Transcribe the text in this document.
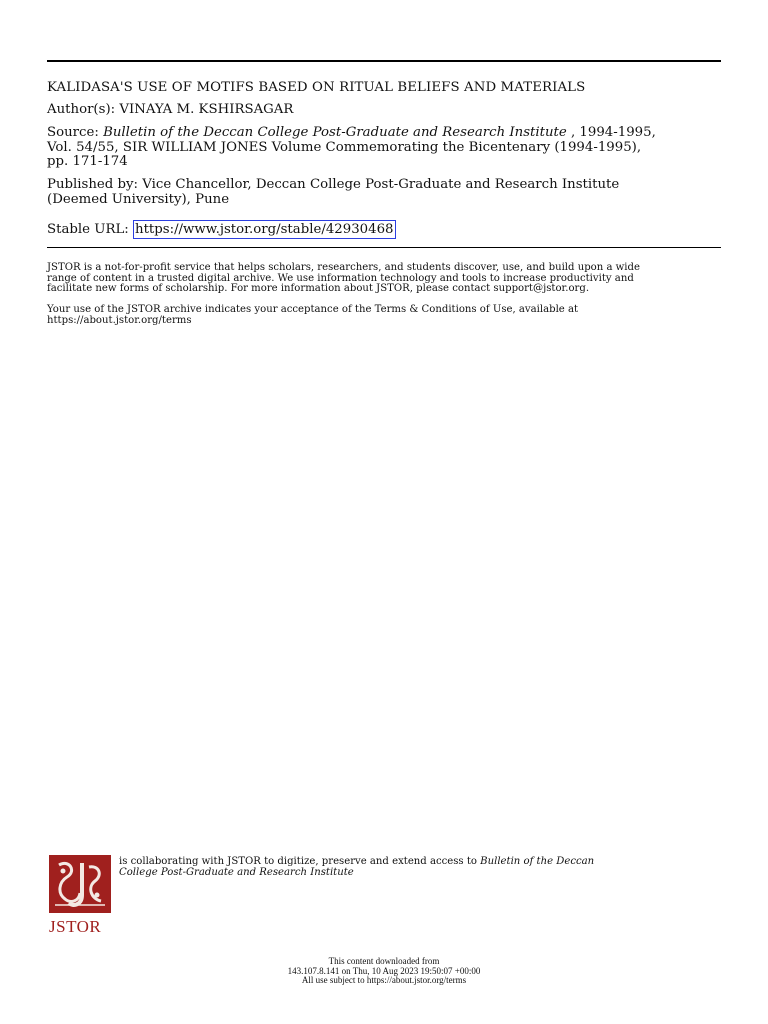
KALIDASA'S USE OF MOTIFS BASED ON RITUAL BELIEFS AND MATERIALS
Author(s): VINAYA M. KSHIRSAGAR
Source: Bulletin of the Deccan College Post-Graduate and Research Institute , 1994-1995,
Vol. 54/55, SIR WILLIAM JONES Volume Commemorating the Bicentenary (1994-1995),
pp. 171-174
Published by: Vice Chancellor, Deccan College Post-Graduate and Research Institute
(Deemed University), Pune
Stable URL: https://www.jstor.org/stable/42930468
JSTOR is a not-for-profit service that helps scholars, researchers, and students discover, use, and build upon a wide
range of content in a trusted digital archive. We use information technology and tools to increase productivity and
facilitate new forms of scholarship. For more information about JSTOR, please contact support@jstor.org.
Your use of the JSTOR archive indicates your acceptance of the Terms & Conditions of Use, available at
https://about.jstor.org/terms
JSTOR
is collaborating with JSTOR to digitize, preserve and extend access to Bulletin of the Deccan
College Post-Graduate and Research Institute
This content downloaded from
143.107.8.141 on Thu, 10 Aug 2023 19:50:07 +00:00
All use subject to https://about.jstor.org/terms
